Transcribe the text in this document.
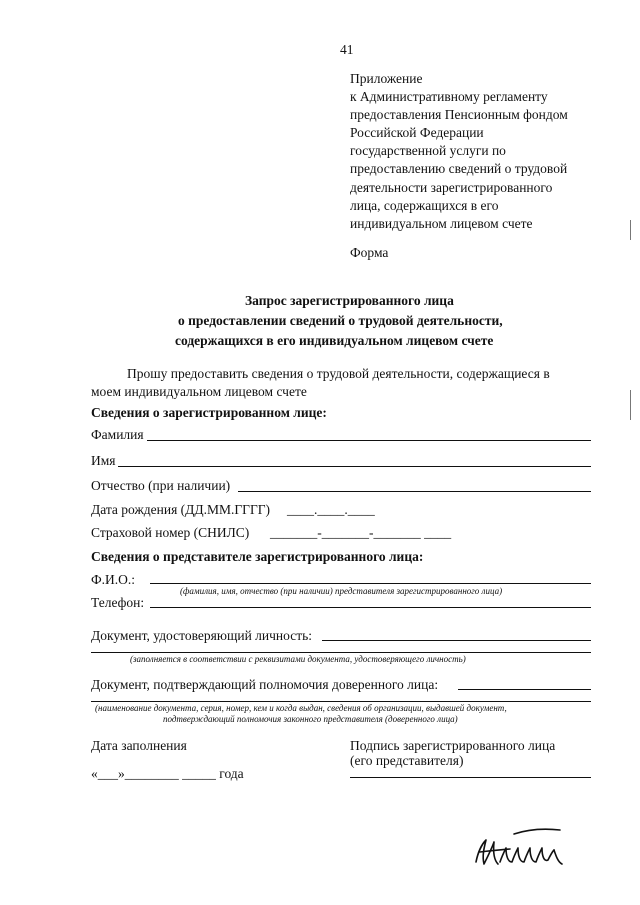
41
Приложение
к Административному регламенту
предоставления Пенсионным фондом
Российской Федерации
государственной услуги по
предоставлению сведений о трудовой
деятельности зарегистрированного
лица, содержащихся в его
индивидуальном лицевом счете
Форма
Запрос зарегистрированного лица
о предоставлении сведений о трудовой деятельности,
содержащихся в его индивидуальном лицевом счете
Прошу предоставить сведения о трудовой деятельности, содержащиеся в
моем индивидуальном лицевом счете
Сведения о зарегистрированном лице:
Фамилия
Имя
Отчество (при наличии)
Дата рождения (ДД.ММ.ГГГГ) ____.____.____
Страховой номер (СНИЛС) _______-_______-_______ ____
Сведения о представителе зарегистрированного лица:
Ф.И.О.:
(фамилия, имя, отчество (при наличии) представителя зарегистрированного лица)
Телефон:
Документ, удостоверяющий личность:
(заполняется в соответствии с реквизитами документа, удостоверяющего личность)
Документ, подтверждающий полномочия доверенного лица:
(наименование документа, серия, номер, кем и когда выдан, сведения об организации, выдавшей документ,
подтверждающий полномочия законного представителя (доверенного лица)
Дата заполнения
«___»________ _____ года
Подпись зарегистрированного лица
(его представителя)
